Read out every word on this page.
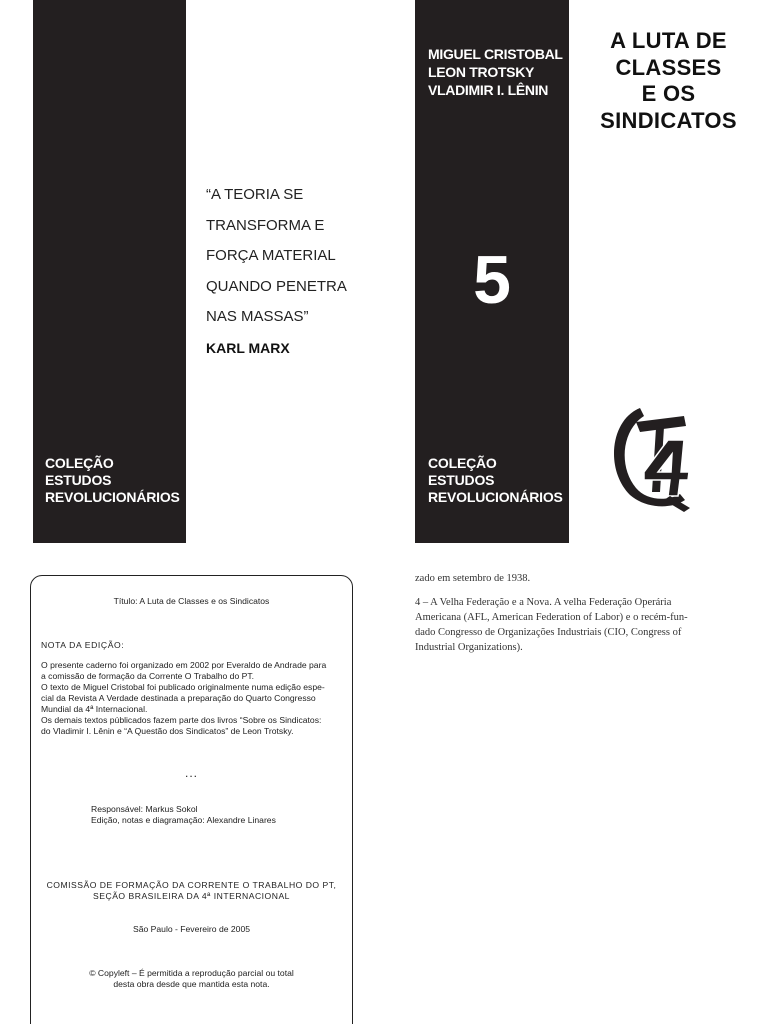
COLEÇÃO
ESTUDOS
REVOLUCIONÁRIOS
“A TEORIA SE
TRANSFORMA E
FORÇA MATERIAL
QUANDO PENETRA
NAS MASSAS”
KARL MARX
MIGUEL CRISTOBAL
LEON TROTSKY
VLADIMIR I. LÊNIN
5
COLEÇÃO
ESTUDOS
REVOLUCIONÁRIOS
A LUTA DE
CLASSES
E OS
SINDICATOS
Título: A Luta de Classes e os Sindicatos
NOTA DA EDIÇÃO:
O presente caderno foi organizado em 2002 por Everaldo de Andrade para
a comissão de formação da Corrente O Trabalho do PT.
O texto de Miguel Cristobal foi publicado originalmente numa edição espe-
cial da Revista A Verdade destinada a preparação do Quarto Congresso
Mundial da 4ª Internacional.
Os demais textos públicados fazem parte dos livros “Sobre os Sindicatos:
do Vladimir I. Lênin e “A Questão dos Sindicatos” de Leon Trotsky.
...
Responsável: Markus Sokol
Edição, notas e diagramação: Alexandre Linares
COMISSÃO DE FORMAÇÃO DA CORRENTE O TRABALHO DO PT,
SEÇÃO BRASILEIRA DA 4ª INTERNACIONAL
São Paulo - Fevereiro de 2005
© Copyleft – É permitida a reprodução parcial ou total
desta obra desde que mantida esta nota.
zado em setembro de 1938.
4 – A Velha Federação e a Nova. A velha Federação Operária
Americana (AFL, American Federation of Labor) e o recém-fun-
dado Congresso de Organizações Industriais (CIO, Congress of
Industrial Organizations).
